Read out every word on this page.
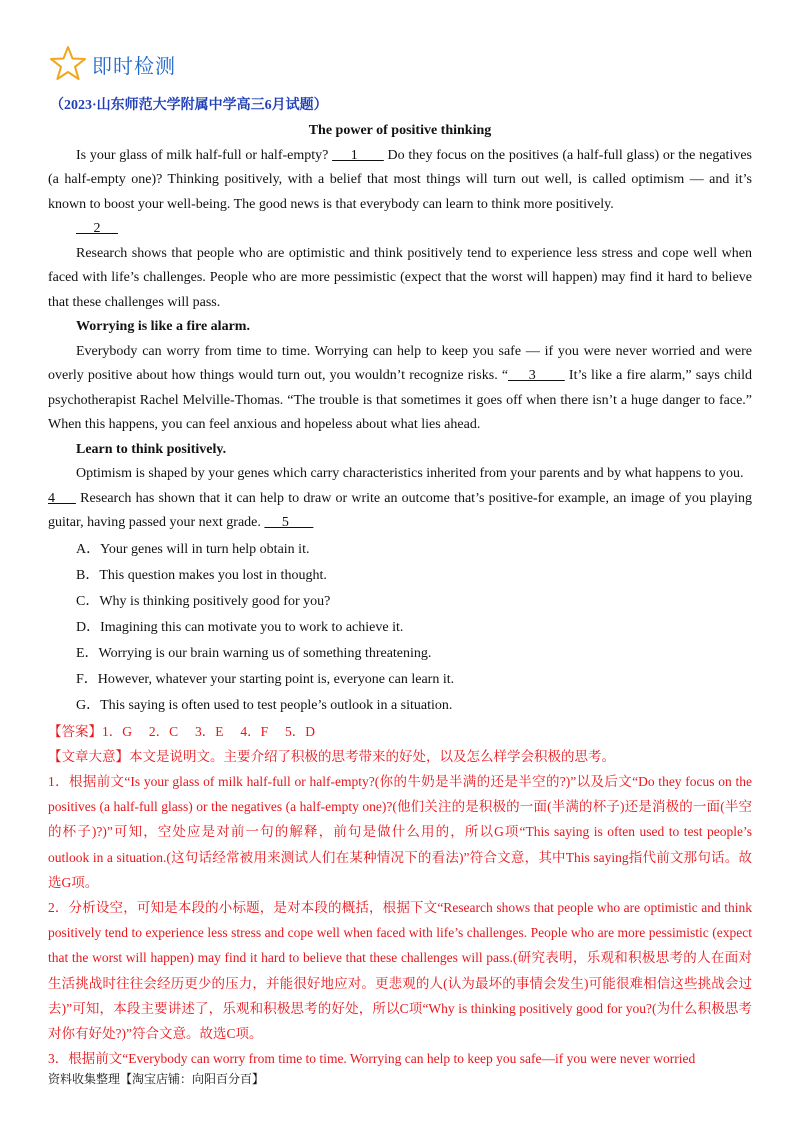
即时检测
（2023·山东师范大学附属中学高三6月试题）

The power of positive thinking

Is your glass of milk half-full or half-empty?      1        Do they focus on the positives (a half-full glass) or the negatives (a half-empty one)? Thinking positively, with a belief that most things will turn out well, is called optimism — and it’s known to boost your well-being. The good news is that everybody can learn to think more positively.

2

Research shows that people who are optimistic and think positively tend to experience less stress and cope well when faced with life’s challenges. People who are more pessimistic (expect that the worst will happen) may find it hard to believe that these challenges will pass.

Worrying is like a fire alarm.

Everybody can worry from time to time. Worrying can help to keep you safe — if you were never worried and were overly positive about how things would turn out, you wouldn’t recognize risks. “     3        It’s like a fire alarm,” says child psychotherapist Rachel Melville-Thomas. “The trouble is that sometimes it goes off when there isn’t a huge danger to face.” When this happens, you can feel anxious and hopeless about what lies ahead.

Learn to think positively.

Optimism is shaped by your genes which carry characteristics inherited from your parents and by what happens to you.

4      Research has shown that it can help to draw or write an outcome that’s positive-for example, an image of you playing guitar, having passed your next grade.      5

A．Your genes will in turn help obtain it.

B．This question makes you lost in thought.

C．Why is thinking positively good for you?

D．Imagining this can motivate you to work to achieve it.

E．Worrying is our brain warning us of something threatening.

F．However, whatever your starting point is, everyone can learn it.

G．This saying is often used to test people’s outlook in a situation.

【答案】1．G　 2．C　 3．E　 4．F　 5．D

【文章大意】本文是说明文。主要介绍了积极的思考带来的好处，以及怎么样学会积极的思考。

1．根据前文“Is your glass of milk half-full or half-empty?(你的牛奶是半满的还是半空的?)”以及后文“Do they focus on the positives (a half-full glass) or the negatives (a half-empty one)?(他们关注的是积极的一面(半满的杯子)还是消极的一面(半空的杯子)?)”可知，空处应是对前一句的解释，前句是做什么用的，所以G项“This saying is often used to test people’s outlook in a situation.(这句话经常被用来测试人们在某种情况下的看法)”符合文意，其中This saying指代前文那句话。故选G项。

2．分析设空，可知是本段的小标题，是对本段的概括，根据下文“Research shows that people who are optimistic and think positively tend to experience less stress and cope well when faced with life’s challenges. People who are more pessimistic (expect that the worst will happen) may find it hard to believe that these challenges will pass.(研究表明，乐观和积极思考的人在面对生活挑战时往往会经历更少的压力，并能很好地应对。更悲观的人(认为最坏的事情会发生)可能很难相信这些挑战会过去)”可知，本段主要讲述了，乐观和积极思考的好处，所以C项“Why is thinking positively good for you?(为什么积极思考对你有好处?)”符合文意。故选C项。

3．根据前文“Everybody can worry from time to time. Worrying can help to keep you safe—if you were never worried

资料收集整理【淘宝店铺：向阳百分百】
